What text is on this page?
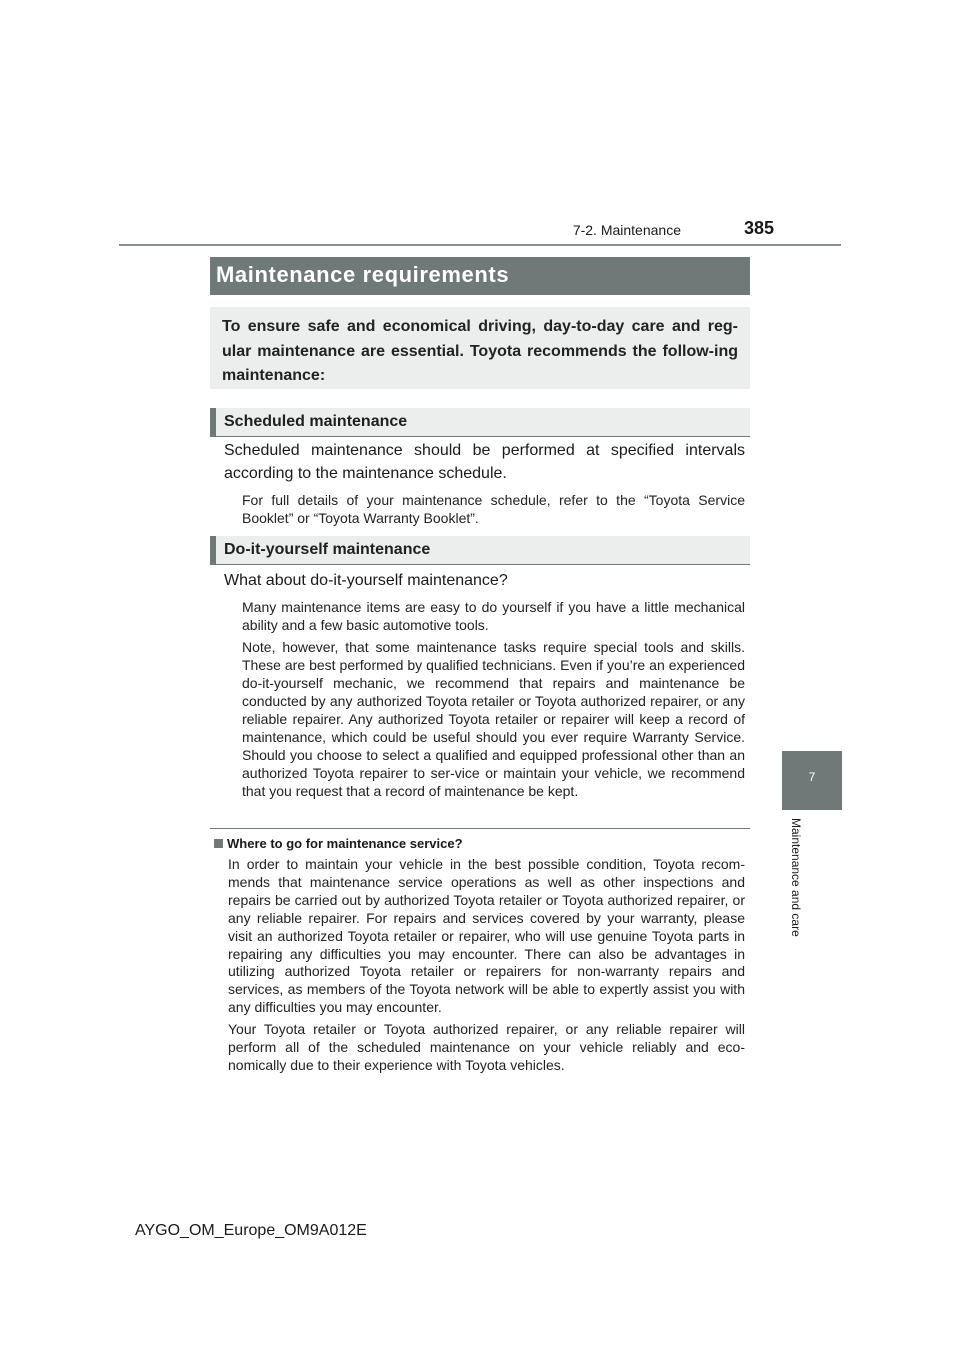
7-2. Maintenance	385
7
Maintenance and care
Maintenance requirements
To ensure safe and economical driving, day-to-day care and reg-ular maintenance are essential. Toyota recommends the follow-ing maintenance:
Scheduled maintenance
Scheduled maintenance should be performed at specified intervals according to the maintenance schedule.
For full details of your maintenance schedule, refer to the “Toyota Service Booklet” or “Toyota Warranty Booklet”.
Do-it-yourself maintenance
What about do-it-yourself maintenance?
Many maintenance items are easy to do yourself if you have a little mechanical ability and a few basic automotive tools.
Note, however, that some maintenance tasks require special tools and skills. These are best performed by qualified technicians. Even if you’re an experienced do-it-yourself mechanic, we recommend that repairs and maintenance be conducted by any authorized Toyota retailer or Toyota authorized repairer, or any reliable repairer. Any authorized Toyota retailer or repairer will keep a record of maintenance, which could be useful should you ever require Warranty Service. Should you choose to select a qualified and equipped professional other than an authorized Toyota repairer to ser-vice or maintain your vehicle, we recommend that you request that a record of maintenance be kept.
Where to go for maintenance service?
In order to maintain your vehicle in the best possible condition, Toyota recom-mends that maintenance service operations as well as other inspections and repairs be carried out by authorized Toyota retailer or Toyota authorized repairer, or any reliable repairer. For repairs and services covered by your warranty, please visit an authorized Toyota retailer or repairer, who will use genuine Toyota parts in repairing any difficulties you may encounter. There can also be advantages in utilizing authorized Toyota retailer or repairers for non-warranty repairs and services, as members of the Toyota network will be able to expertly assist you with any difficulties you may encounter.
Your Toyota retailer or Toyota authorized repairer, or any reliable repairer will perform all of the scheduled maintenance on your vehicle reliably and eco-nomically due to their experience with Toyota vehicles.
AYGO_OM_Europe_OM9A012E
